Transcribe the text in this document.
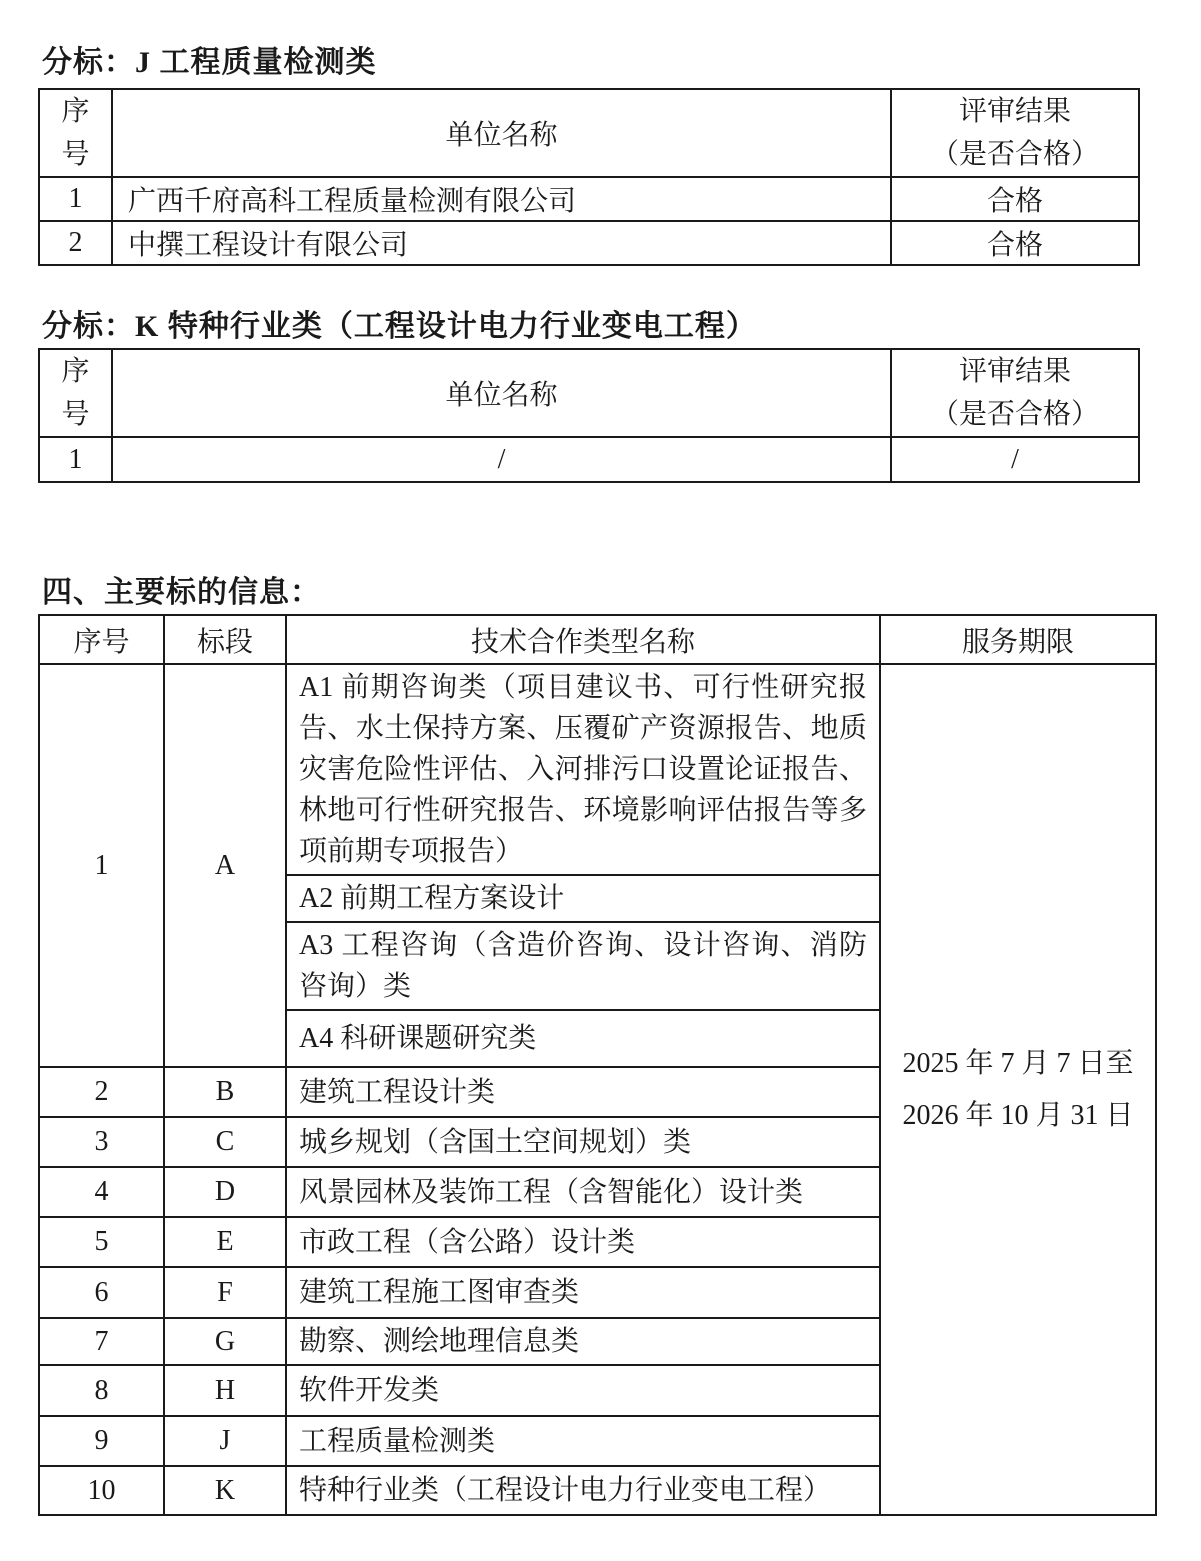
分标：J 工程质量检测类

序号	单位名称	评审结果
（是否合格）

1	广西千府高科工程质量检测有限公司	合格
2	中撰工程设计有限公司	合格

分标：K 特种行业类（工程设计电力行业变电工程）

序号	单位名称	评审结果
（是否合格）

1	/	/

四、主要标的信息：

序号	标段	技术合作类型名称	服务期限
1	A	A1 前期咨询类（项目建议书、可行性研究报告、水土保持方案、压覆矿产资源报告、地质灾害危险性评估、入河排污口设置论证报告、林地可行性研究报告、环境影响评估报告等多项前期专项报告）	2025 年 7 月 7 日至
2026 年 10 月 31 日

		A2 前期工程方案设计	
		A3 工程咨询（含造价咨询、设计咨询、消防咨询）类	
		A4 科研课题研究类	
2	B	建筑工程设计类	
3	C	城乡规划（含国土空间规划）类	
4	D	风景园林及装饰工程（含智能化）设计类	
5	E	市政工程（含公路）设计类	
6	F	建筑工程施工图审查类	
7	G	勘察、测绘地理信息类	
8	H	软件开发类	
9	J	工程质量检测类	
10	K	特种行业类（工程设计电力行业变电工程）	
